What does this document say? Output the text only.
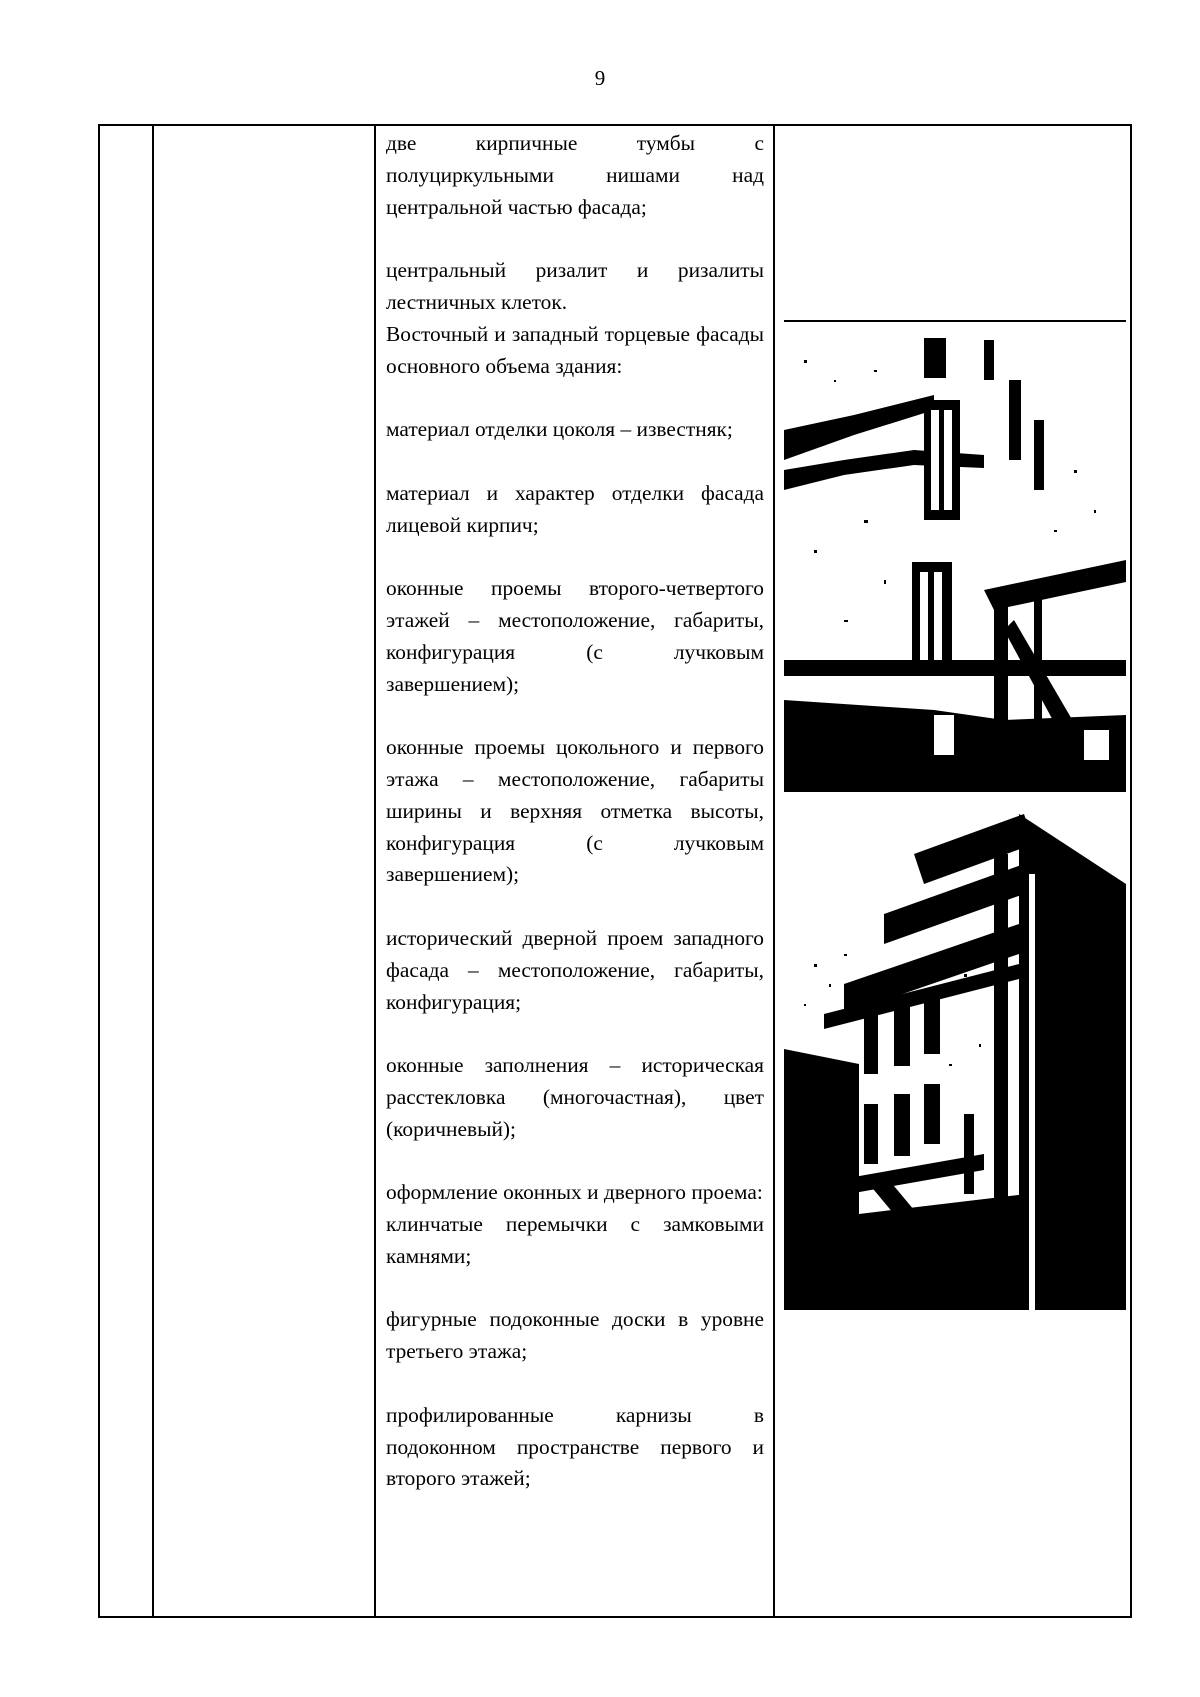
9

две кирпичные тумбы с полуциркульными нишами над центральной частью фасада;

центральный ризалит и ризалиты лестничных клеток.

Восточный и западный торцевые фасады основного объема здания:

материал отделки цоколя – известняк;

материал и характер отделки фасада лицевой кирпич;

оконные проемы второго-четвертого этажей – местоположение, габариты, конфигурация (с лучковым завершением);

оконные проемы цокольного и первого этажа – местоположение, габариты ширины и верхняя отметка высоты, конфигурация (с лучковым завершением);

исторический дверной проем западного фасада – местоположение, габариты, конфигурация;

оконные заполнения – историческая расстекловка (многочастная), цвет (коричневый);

оформление оконных и дверного проема:

клинчатые перемычки с замковыми камнями;

фигурные подоконные доски в уровне третьего этажа;

профилированные карнизы в подоконном пространстве первого и второго этажей;
